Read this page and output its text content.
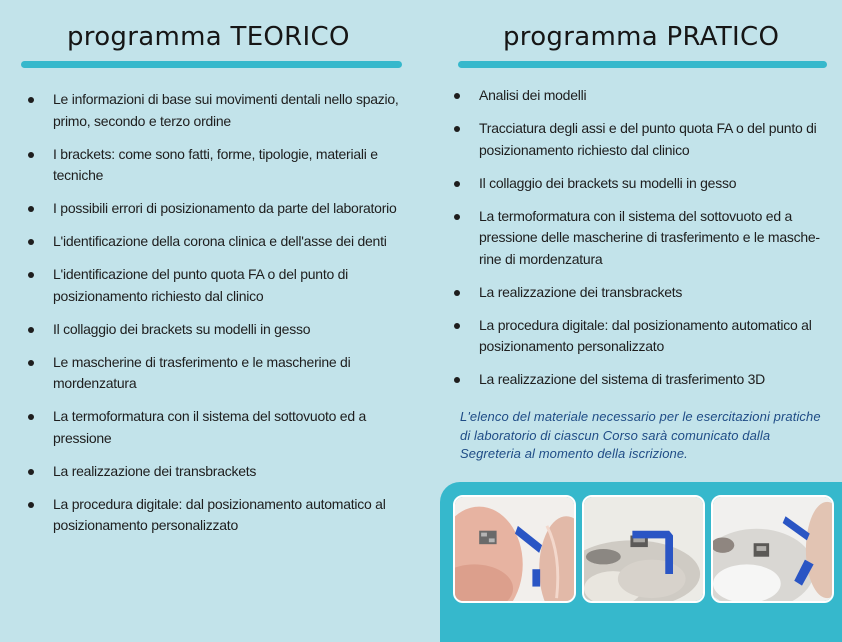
programma TEORICO
Le informazioni di base sui movimenti dentali nello spazio, primo, secondo e terzo ordine
I brackets: come sono fatti, forme, tipologie, materiali e tecniche
I possibili errori di posizionamento da parte del laboratorio
L'identificazione della corona clinica e dell'asse dei denti
L'identificazione del punto quota FA o del punto di posizionamento richiesto dal clinico
Il collaggio dei brackets su modelli in gesso
Le mascherine di trasferimento e le mascherine di mordenzatura
La termoformatura con il sistema del sottovuoto ed a pressione
La realizzazione dei transbrackets
La procedura digitale: dal posizionamento automatico al posizionamento personalizzato
programma PRATICO
Analisi dei modelli
Tracciatura degli assi e del punto quota FA o del punto di posizionamento richiesto dal clinico
Il collaggio dei brackets su modelli in gesso
La termoformatura con il sistema del sottovuoto ed a pressione delle mascherine di trasferimento e le masche-rine di mordenzatura
La realizzazione dei transbrackets
La procedura digitale: dal posizionamento automatico al posizionamento personalizzato
La realizzazione del sistema di trasferimento 3D
L'elenco del materiale necessario per le esercitazioni pratiche di laboratorio di ciascun Corso sarà comunicato dalla Segreteria al momento della iscrizione.
